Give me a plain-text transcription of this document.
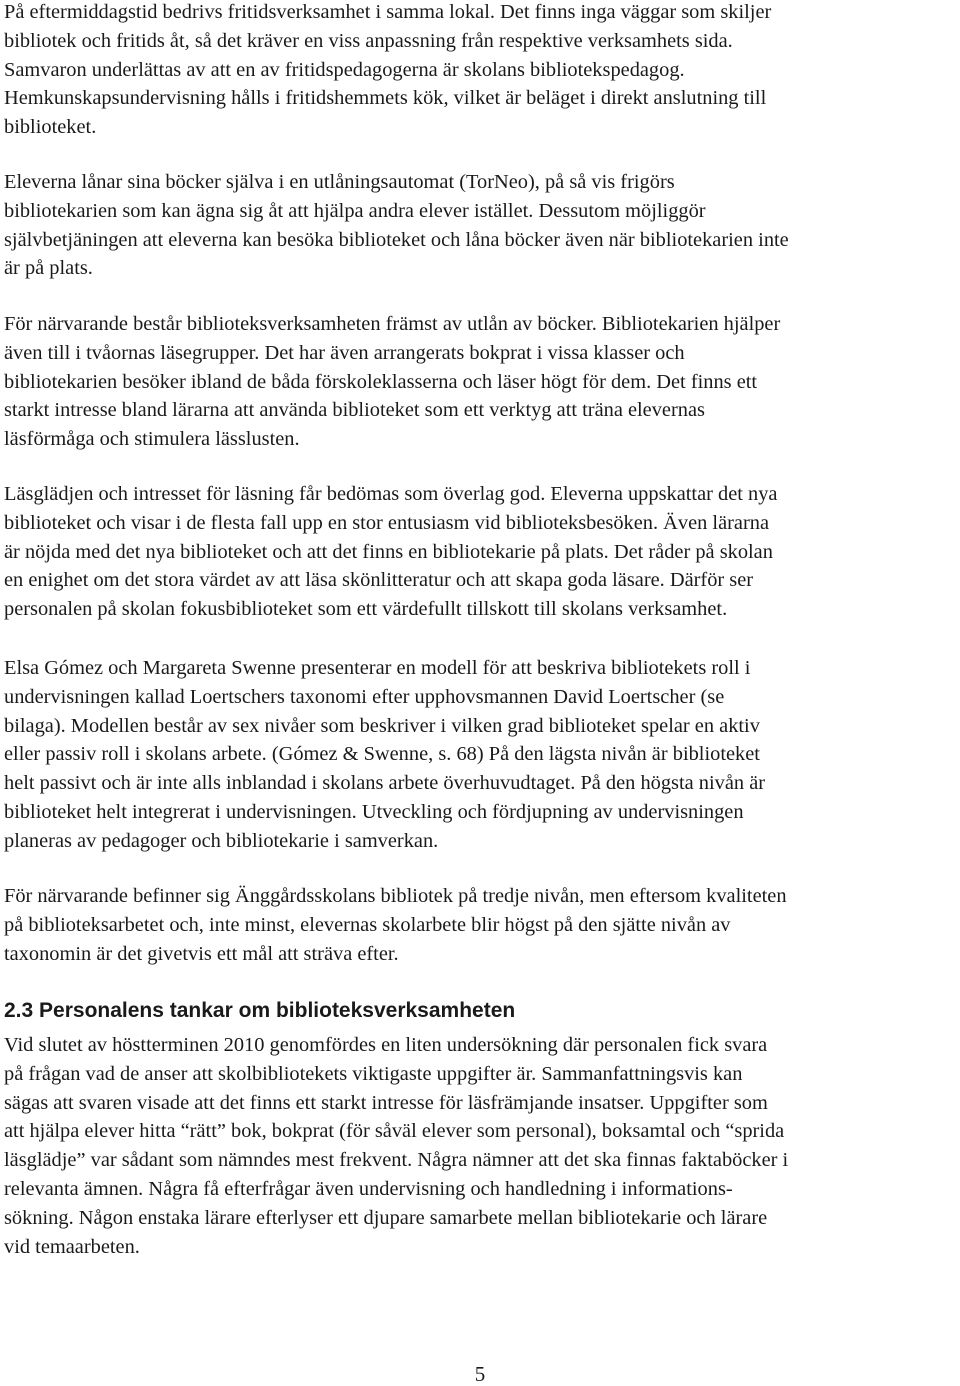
På eftermiddagstid bedrivs fritidsverksamhet i samma lokal. Det finns inga väggar som skiljer
bibliotek och fritids åt, så det kräver en viss anpassning från respektive verksamhets sida.
Samvaron underlättas av att en av fritidspedagogerna är skolans bibliotekspedagog.
Hemkunskapsundervisning hålls i fritidshemmets kök, vilket är beläget i direkt anslutning till
biblioteket.

Eleverna lånar sina böcker själva i en utlåningsautomat (TorNeo), på så vis frigörs
bibliotekarien som kan ägna sig åt att hjälpa andra elever istället. Dessutom möjliggör
självbetjäningen att eleverna kan besöka biblioteket och låna böcker även när bibliotekarien inte
är på plats.

För närvarande består biblioteksverksamheten främst av utlån av böcker. Bibliotekarien hjälper
även till i tvåornas läsegrupper. Det har även arrangerats bokprat i vissa klasser och
bibliotekarien besöker ibland de båda förskoleklasserna och läser högt för dem. Det finns ett
starkt intresse bland lärarna att använda biblioteket som ett verktyg att träna elevernas
läsförmåga och stimulera lässlusten.

Läsglädjen och intresset för läsning får bedömas som överlag god. Eleverna uppskattar det nya
biblioteket och visar i de flesta fall upp en stor entusiasm vid biblioteksbesöken. Även lärarna
är nöjda med det nya biblioteket och att det finns en bibliotekarie på plats. Det råder på skolan
en enighet om det stora värdet av att läsa skönlitteratur och att skapa goda läsare. Därför ser
personalen på skolan fokusbiblioteket som ett värdefullt tillskott till skolans verksamhet.

Elsa Gómez och Margareta Swenne presenterar en modell för att beskriva bibliotekets roll i
undervisningen kallad Loertschers taxonomi efter upphovsmannen David Loertscher (se
bilaga). Modellen består av sex nivåer som beskriver i vilken grad biblioteket spelar en aktiv
eller passiv roll i skolans arbete. (Gómez & Swenne, s. 68) På den lägsta nivån är biblioteket
helt passivt och är inte alls inblandad i skolans arbete överhuvudtaget. På den högsta nivån är
biblioteket helt integrerat i undervisningen. Utveckling och fördjupning av undervisningen
planeras av pedagoger och bibliotekarie i samverkan.

För närvarande befinner sig Änggårdsskolans bibliotek på tredje nivån, men eftersom kvaliteten
på biblioteksarbetet och, inte minst, elevernas skolarbete blir högst på den sjätte nivån av
taxonomin är det givetvis ett mål att sträva efter.

2.3 Personalens tankar om biblioteksverksamheten

Vid slutet av höstterminen 2010 genomfördes en liten undersökning där personalen fick svara
på frågan vad de anser att skolbibliotekets viktigaste uppgifter är. Sammanfattningsvis kan
sägas att svaren visade att det finns ett starkt intresse för läsfrämjande insatser. Uppgifter som
att hjälpa elever hitta “rätt” bok, bokprat (för såväl elever som personal), boksamtal och “sprida
läsglädje” var sådant som nämndes mest frekvent. Några nämner att det ska finnas faktaböcker i
relevanta ämnen. Några få efterfrågar även undervisning och handledning i informations-
sökning. Någon enstaka lärare efterlyser ett djupare samarbete mellan bibliotekarie och lärare
vid temaarbeten.

5
